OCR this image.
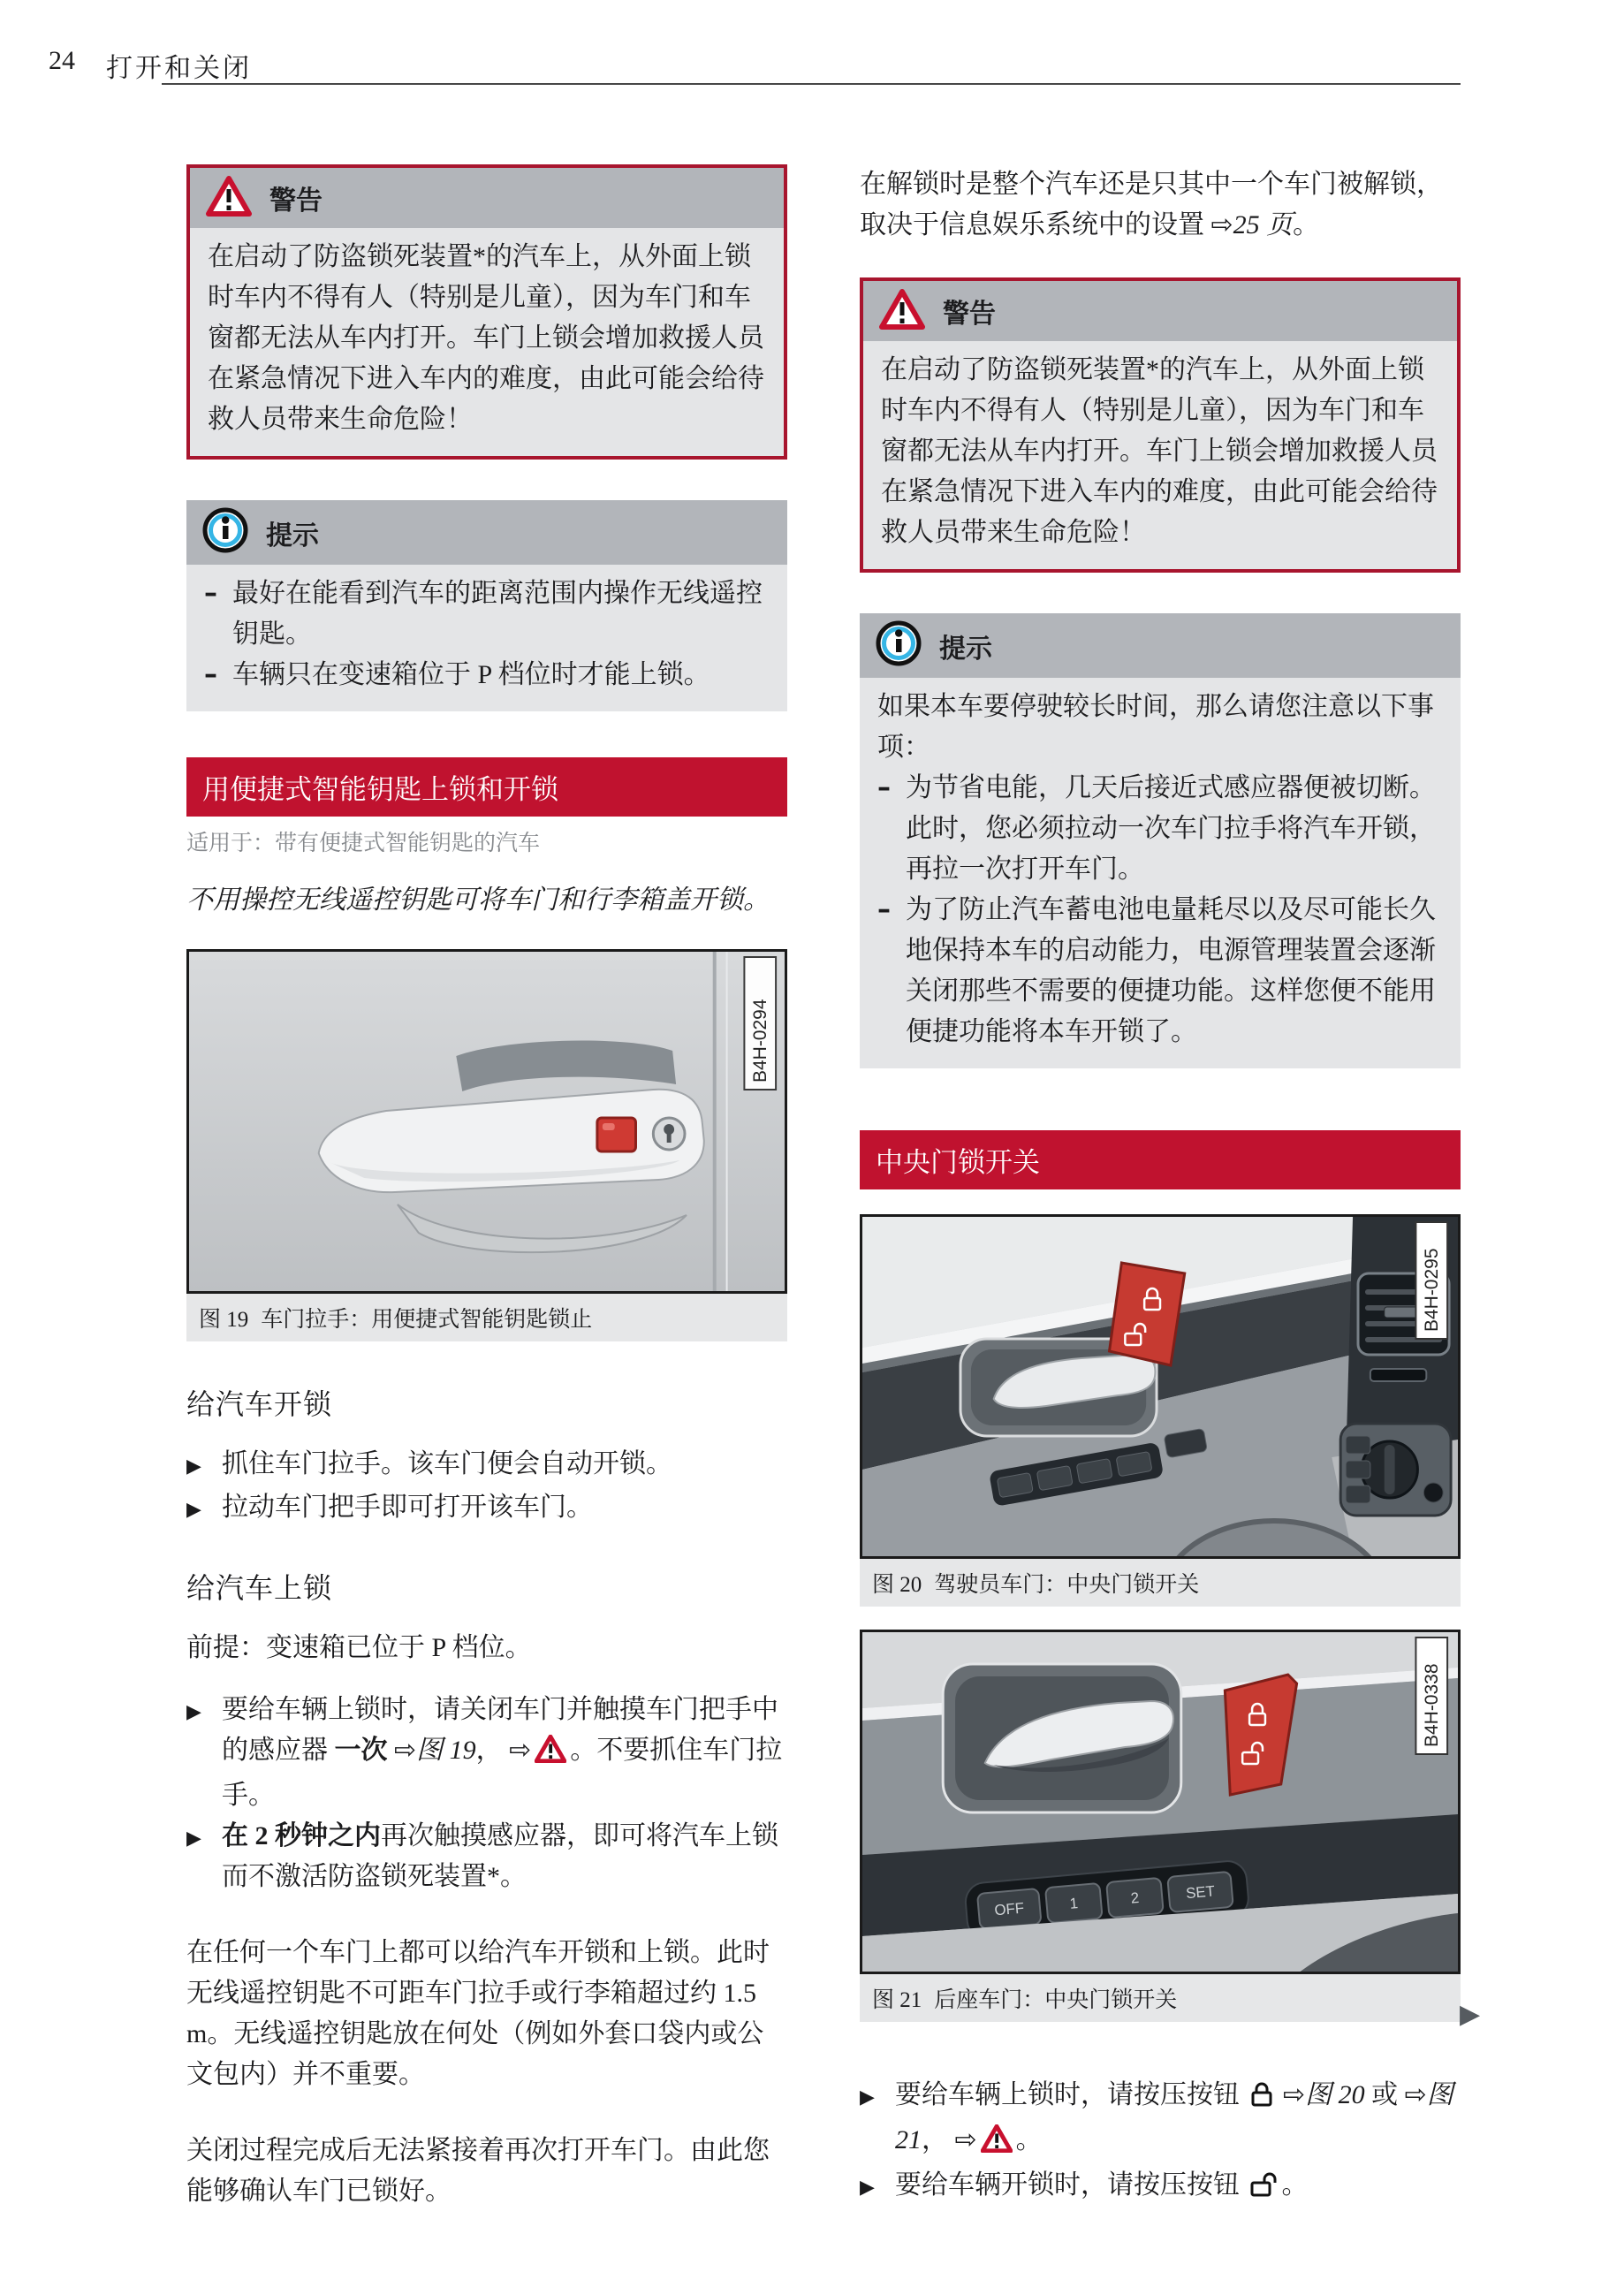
24 打开和关闭
警告
在启动了防盗锁死装置*的汽车上，从外面上锁时车内不得有人（特别是儿童），因为车门和车窗都无法从车内打开。车门上锁会增加救援人员在紧急情况下进入车内的难度，由此可能会给待救人员带来生命危险！
提示
– 最好在能看到汽车的距离范围内操作无线遥控钥匙。
– 车辆只在变速箱位于 P 档位时才能上锁。
用便捷式智能钥匙上锁和开锁
适用于：带有便捷式智能钥匙的汽车
不用操控无线遥控钥匙可将车门和行李箱盖开锁。
B4H-0294
图 19 车门拉手：用便捷式智能钥匙锁止
给汽车开锁
▶ 抓住车门拉手。该车门便会自动开锁。
▶ 拉动车门把手即可打开该车门。
给汽车上锁
前提：变速箱已位于 P 档位。
▶ 要给车辆上锁时，请关闭车门并触摸车门把手中的感应器 一次 ⇨图 19， ⇨ 。不要抓住车门拉手。
▶ 在 2 秒钟之内再次触摸感应器，即可将汽车上锁而不激活防盗锁死装置*。
在任何一个车门上都可以给汽车开锁和上锁。此时无线遥控钥匙不可距车门拉手或行李箱超过约 1.5 m。无线遥控钥匙放在何处（例如外套口袋内或公文包内）并不重要。
关闭过程完成后无法紧接着再次打开车门。由此您能够确认车门已锁好。
在解锁时是整个汽车还是只其中一个车门被解锁，取决于信息娱乐系统中的设置 ⇨25 页。
警告
在启动了防盗锁死装置*的汽车上，从外面上锁时车内不得有人（特别是儿童），因为车门和车窗都无法从车内打开。车门上锁会增加救援人员在紧急情况下进入车内的难度，由此可能会给待救人员带来生命危险！
提示
如果本车要停驶较长时间，那么请您注意以下事项：
– 为节省电能，几天后接近式感应器便被切断。此时，您必须拉动一次车门拉手将汽车开锁，再拉一次打开车门。
– 为了防止汽车蓄电池电量耗尽以及尽可能长久地保持本车的启动能力，电源管理装置会逐渐关闭那些不需要的便捷功能。这样您便不能用便捷功能将本车开锁了。
中央门锁开关
B4H-0295
图 20 驾驶员车门：中央门锁开关
OFF	1	2	SET
B4H-0338
图 21 后座车门：中央门锁开关
▶ 要给车辆上锁时，请按压按钮  ⇨图 20 或 ⇨图 21， ⇨ 。
▶ 要给车辆开锁时，请按压按钮 。
▶
